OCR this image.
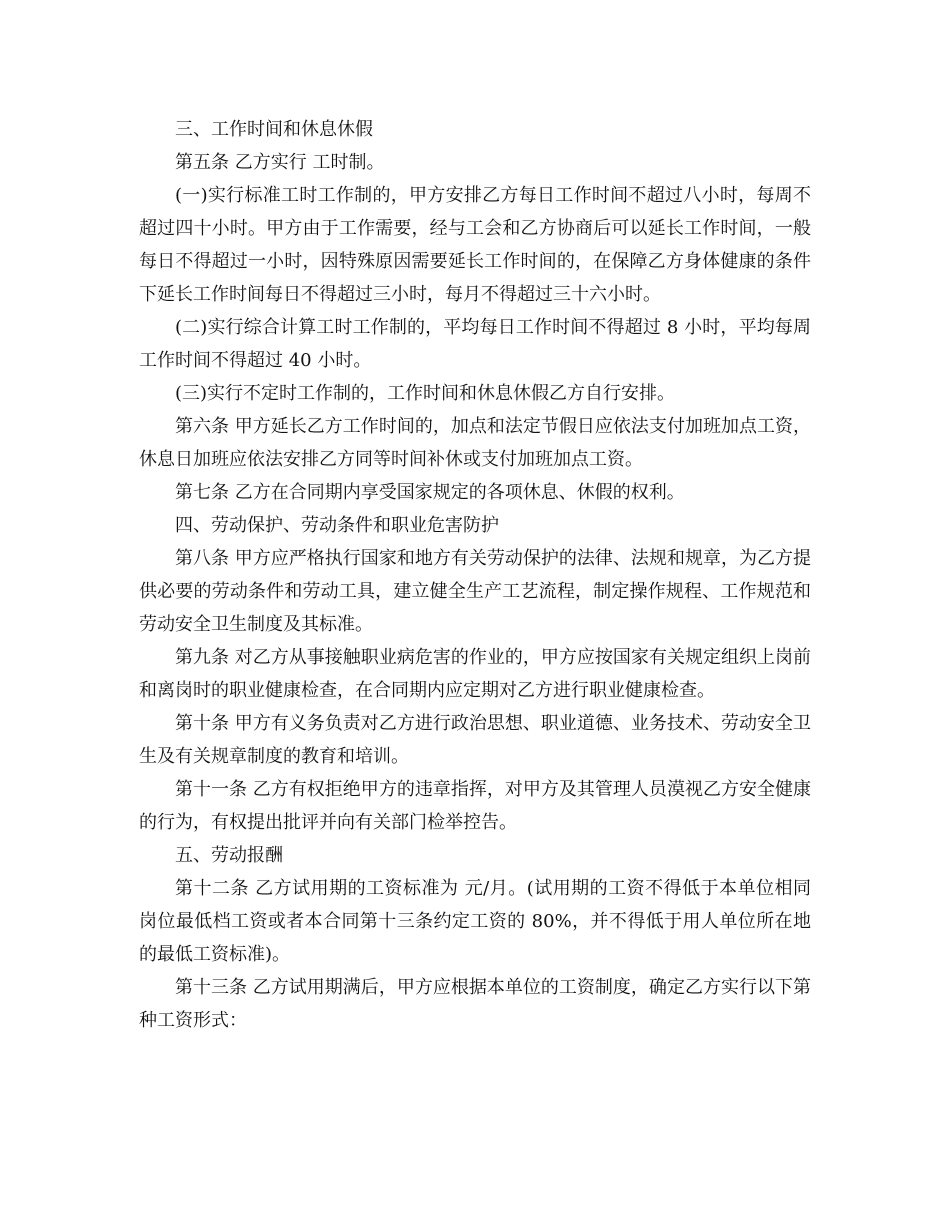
三、工作时间和休息休假

第五条 乙方实行 工时制。

(一)实行标准工时工作制的，甲方安排乙方每日工作时间不超过八小时，每周不超过四十小时。甲方由于工作需要，经与工会和乙方协商后可以延长工作时间，一般每日不得超过一小时，因特殊原因需要延长工作时间的，在保障乙方身体健康的条件下延长工作时间每日不得超过三小时，每月不得超过三十六小时。

(二)实行综合计算工时工作制的，平均每日工作时间不得超过 8 小时，平均每周工作时间不得超过 40 小时。

(三)实行不定时工作制的，工作时间和休息休假乙方自行安排。

第六条 甲方延长乙方工作时间的，加点和法定节假日应依法支付加班加点工资，休息日加班应依法安排乙方同等时间补休或支付加班加点工资。

第七条 乙方在合同期内享受国家规定的各项休息、休假的权利。

四、劳动保护、劳动条件和职业危害防护

第八条 甲方应严格执行国家和地方有关劳动保护的法律、法规和规章，为乙方提供必要的劳动条件和劳动工具，建立健全生产工艺流程，制定操作规程、工作规范和劳动安全卫生制度及其标准。

第九条 对乙方从事接触职业病危害的作业的，甲方应按国家有关规定组织上岗前和离岗时的职业健康检查，在合同期内应定期对乙方进行职业健康检查。

第十条 甲方有义务负责对乙方进行政治思想、职业道德、业务技术、劳动安全卫生及有关规章制度的教育和培训。

第十一条 乙方有权拒绝甲方的违章指挥，对甲方及其管理人员漠视乙方安全健康的行为，有权提出批评并向有关部门检举控告。

五、劳动报酬

第十二条 乙方试用期的工资标准为 元/月。(试用期的工资不得低于本单位相同岗位最低档工资或者本合同第十三条约定工资的 80%，并不得低于用人单位所在地的最低工资标准)。

第十三条 乙方试用期满后，甲方应根据本单位的工资制度，确定乙方实行以下第 种工资形式：
